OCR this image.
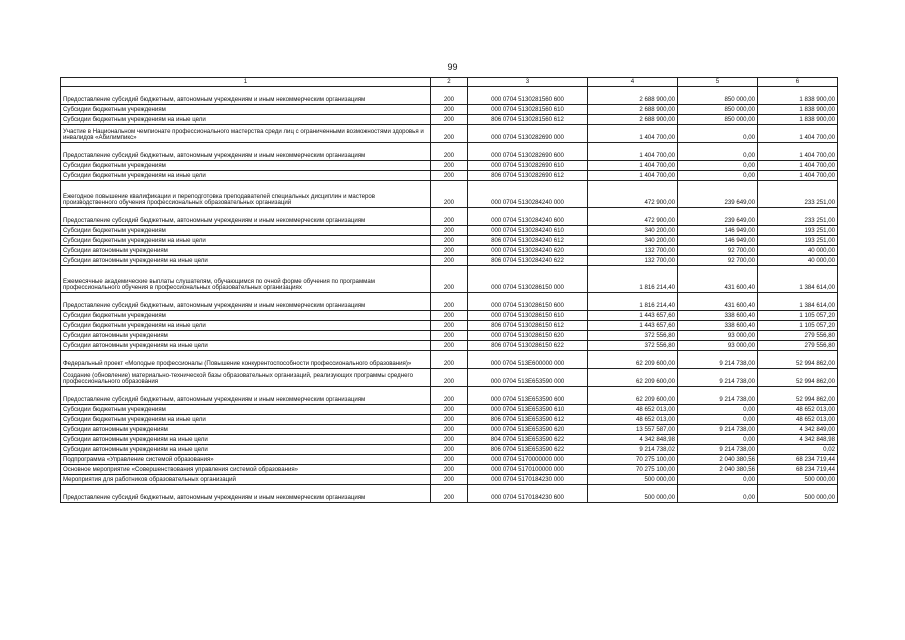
99
1	2	3	4	5	6
Предоставление субсидий бюджетным, автономным учреждениям и иным некоммерческим организациям	200	000 0704 5130281560 600	2 688 900,00	850 000,00	1 838 900,00
Субсидии бюджетным учреждениям	200	000 0704 5130281560 610	2 688 900,00	850 000,00	1 838 900,00
Субсидии бюджетным учреждениям на иные цели	200	806 0704 5130281560 612	2 688 900,00	850 000,00	1 838 900,00
Участие в Национальном чемпионате профессионального мастерства среди лиц с ограниченными возможностями здоровья и инвалидов «Абилимпикс»	200	000 0704 5130282690 000	1 404 700,00	0,00	1 404 700,00
Предоставление субсидий бюджетным, автономным учреждениям и иным некоммерческим организациям	200	000 0704 5130282690 600	1 404 700,00	0,00	1 404 700,00
Субсидии бюджетным учреждениям	200	000 0704 5130282690 610	1 404 700,00	0,00	1 404 700,00
Субсидии бюджетным учреждениям на иные цели	200	806 0704 5130282690 612	1 404 700,00	0,00	1 404 700,00
Ежегодное повышение квалификации и переподготовка преподавателей специальных дисциплин и мастеров производственного обучения профессиональных образовательных организаций	200	000 0704 5130284240 000	472 900,00	239 649,00	233 251,00
Предоставление субсидий бюджетным, автономным учреждениям и иным некоммерческим организациям	200	000 0704 5130284240 600	472 900,00	239 649,00	233 251,00
Субсидии бюджетным учреждениям	200	000 0704 5130284240 610	340 200,00	146 949,00	193 251,00
Субсидии бюджетным учреждениям на иные цели	200	806 0704 5130284240 612	340 200,00	146 949,00	193 251,00
Субсидии автономным учреждениям	200	000 0704 5130284240 620	132 700,00	92 700,00	40 000,00
Субсидии автономным учреждениям на иные цели	200	806 0704 5130284240 622	132 700,00	92 700,00	40 000,00
Ежемесячные академические выплаты слушателям, обучающимся по очной форме обучения по программам профессионального обучения в профессиональных образовательных организациях	200	000 0704 5130286150 000	1 816 214,40	431 600,40	1 384 614,00
Предоставление субсидий бюджетным, автономным учреждениям и иным некоммерческим организациям	200	000 0704 5130286150 600	1 816 214,40	431 600,40	1 384 614,00
Субсидии бюджетным учреждениям	200	000 0704 5130286150 610	1 443 657,60	338 600,40	1 105 057,20
Субсидии бюджетным учреждениям на иные цели	200	806 0704 5130286150 612	1 443 657,60	338 600,40	1 105 057,20
Субсидии автономным учреждениям	200	000 0704 5130286150 620	372 556,80	93 000,00	279 556,80
Субсидии автономным учреждениям на иные цели	200	806 0704 5130286150 622	372 556,80	93 000,00	279 556,80
Федеральный проект «Молодые профессионалы (Повышение конкурентоспособности профессионального образования)»	200	000 0704 513E600000 000	62 209 600,00	9 214 738,00	52 994 862,00
Создание (обновление) материально-технической базы образовательных организаций, реализующих программы среднего профессионального образования	200	000 0704 513E653590 000	62 209 600,00	9 214 738,00	52 994 862,00
Предоставление субсидий бюджетным, автономным учреждениям и иным некоммерческим организациям	200	000 0704 513E653590 600	62 209 600,00	9 214 738,00	52 994 862,00
Субсидии бюджетным учреждениям	200	000 0704 513E653590 610	48 652 013,00	0,00	48 652 013,00
Субсидии бюджетным учреждениям на иные цели	200	806 0704 513E653590 612	48 652 013,00	0,00	48 652 013,00
Субсидии автономным учреждениям	200	000 0704 513E653590 620	13 557 587,00	9 214 738,00	4 342 849,00
Субсидии автономным учреждениям на иные цели	200	804 0704 513E653590 622	4 342 848,98	0,00	4 342 848,98
Субсидии автономным учреждениям на иные цели	200	806 0704 513E653590 622	9 214 738,02	9 214 738,00	0,02
Подпрограмма «Управление системой образования»	200	000 0704 5170000000 000	70 275 100,00	2 040 380,56	68 234 719,44
Основное мероприятие «Совершенствования управления системой образования»	200	000 0704 5170100000 000	70 275 100,00	2 040 380,56	68 234 719,44
Мероприятия для работников образовательных организаций	200	000 0704 5170184230 000	500 000,00	0,00	500 000,00
Предоставление субсидий бюджетным, автономным учреждениям и иным некоммерческим организациям	200	000 0704 5170184230 600	500 000,00	0,00	500 000,00
